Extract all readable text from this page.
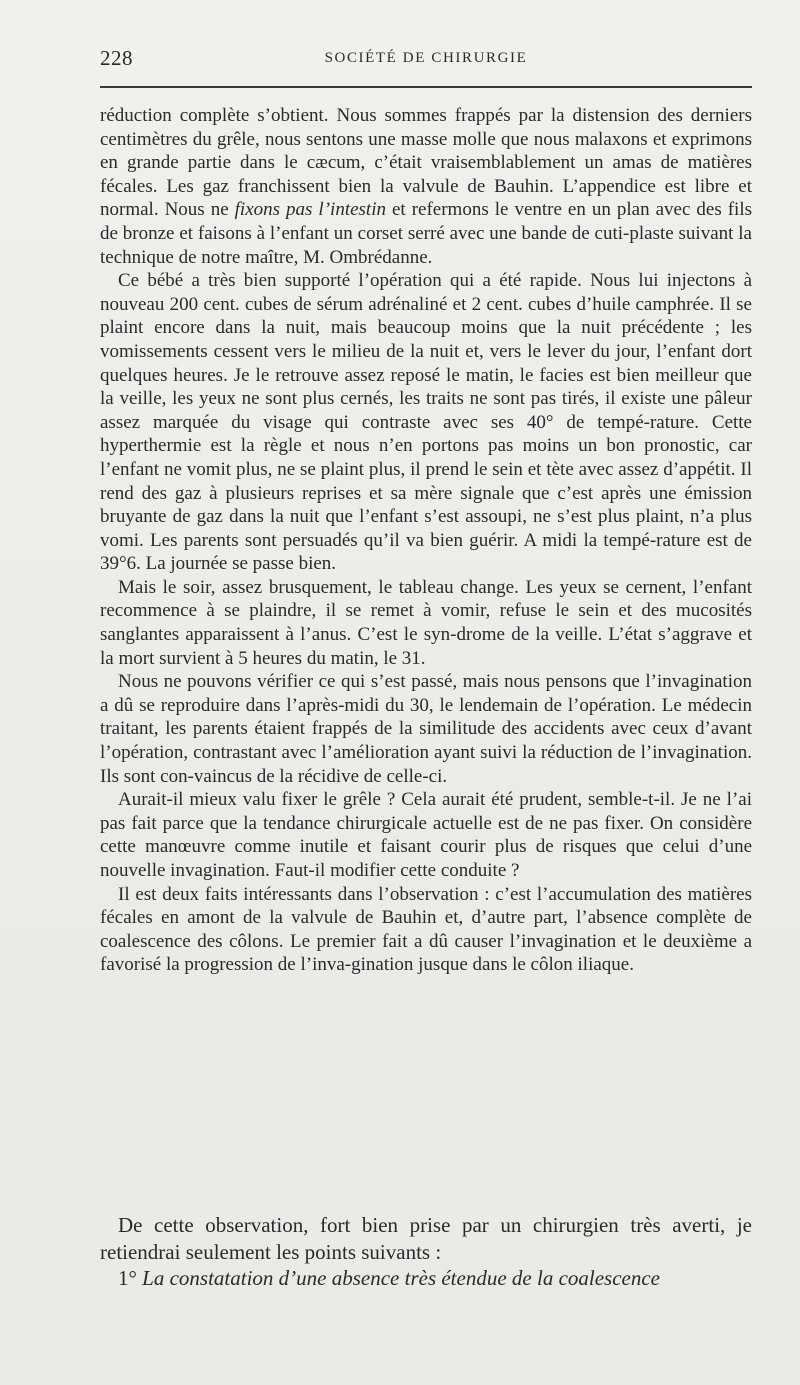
228	SOCIÉTÉ DE CHIRURGIE

réduction complète s’obtient. Nous sommes frappés par la distension des derniers centimètres du grêle, nous sentons une masse molle que nous malaxons et exprimons en grande partie dans le cæcum, c’était vraisemblablement un amas de matières fécales. Les gaz franchissent bien la valvule de Bauhin. L’appendice est libre et normal. Nous ne fixons pas l’intestin et refermons le ventre en un plan avec des fils de bronze et faisons à l’enfant un corset serré avec une bande de cuti-plaste suivant la technique de notre maître, M. Ombrédanne.

Ce bébé a très bien supporté l’opération qui a été rapide. Nous lui injectons à nouveau 200 cent. cubes de sérum adrénaliné et 2 cent. cubes d’huile camphrée. Il se plaint encore dans la nuit, mais beaucoup moins que la nuit précédente ; les vomissements cessent vers le milieu de la nuit et, vers le lever du jour, l’enfant dort quelques heures. Je le retrouve assez reposé le matin, le facies est bien meilleur que la veille, les yeux ne sont plus cernés, les traits ne sont pas tirés, il existe une pâleur assez marquée du visage qui contraste avec ses 40° de tempé-rature. Cette hyperthermie est la règle et nous n’en portons pas moins un bon pronostic, car l’enfant ne vomit plus, ne se plaint plus, il prend le sein et tète avec assez d’appétit. Il rend des gaz à plusieurs reprises et sa mère signale que c’est après une émission bruyante de gaz dans la nuit que l’enfant s’est assoupi, ne s’est plus plaint, n’a plus vomi. Les parents sont persuadés qu’il va bien guérir. A midi la tempé-rature est de 39°6. La journée se passe bien.

Mais le soir, assez brusquement, le tableau change. Les yeux se cernent, l’enfant recommence à se plaindre, il se remet à vomir, refuse le sein et des mucosités sanglantes apparaissent à l’anus. C’est le syn-drome de la veille. L’état s’aggrave et la mort survient à 5 heures du matin, le 31.

Nous ne pouvons vérifier ce qui s’est passé, mais nous pensons que l’invagination a dû se reproduire dans l’après-midi du 30, le lendemain de l’opération. Le médecin traitant, les parents étaient frappés de la similitude des accidents avec ceux d’avant l’opération, contrastant avec l’amélioration ayant suivi la réduction de l’invagination. Ils sont con-vaincus de la récidive de celle-ci.

Aurait-il mieux valu fixer le grêle ? Cela aurait été prudent, semble-t-il. Je ne l’ai pas fait parce que la tendance chirurgicale actuelle est de ne pas fixer. On considère cette manœuvre comme inutile et faisant courir plus de risques que celui d’une nouvelle invagination. Faut-il modifier cette conduite ?

Il est deux faits intéressants dans l’observation : c’est l’accumulation des matières fécales en amont de la valvule de Bauhin et, d’autre part, l’absence complète de coalescence des côlons. Le premier fait a dû causer l’invagination et le deuxième a favorisé la progression de l’inva-gination jusque dans le côlon iliaque.

De cette observation, fort bien prise par un chirurgien très averti, je retiendrai seulement les points suivants :

1° La constatation d’une absence très étendue de la coalescence
